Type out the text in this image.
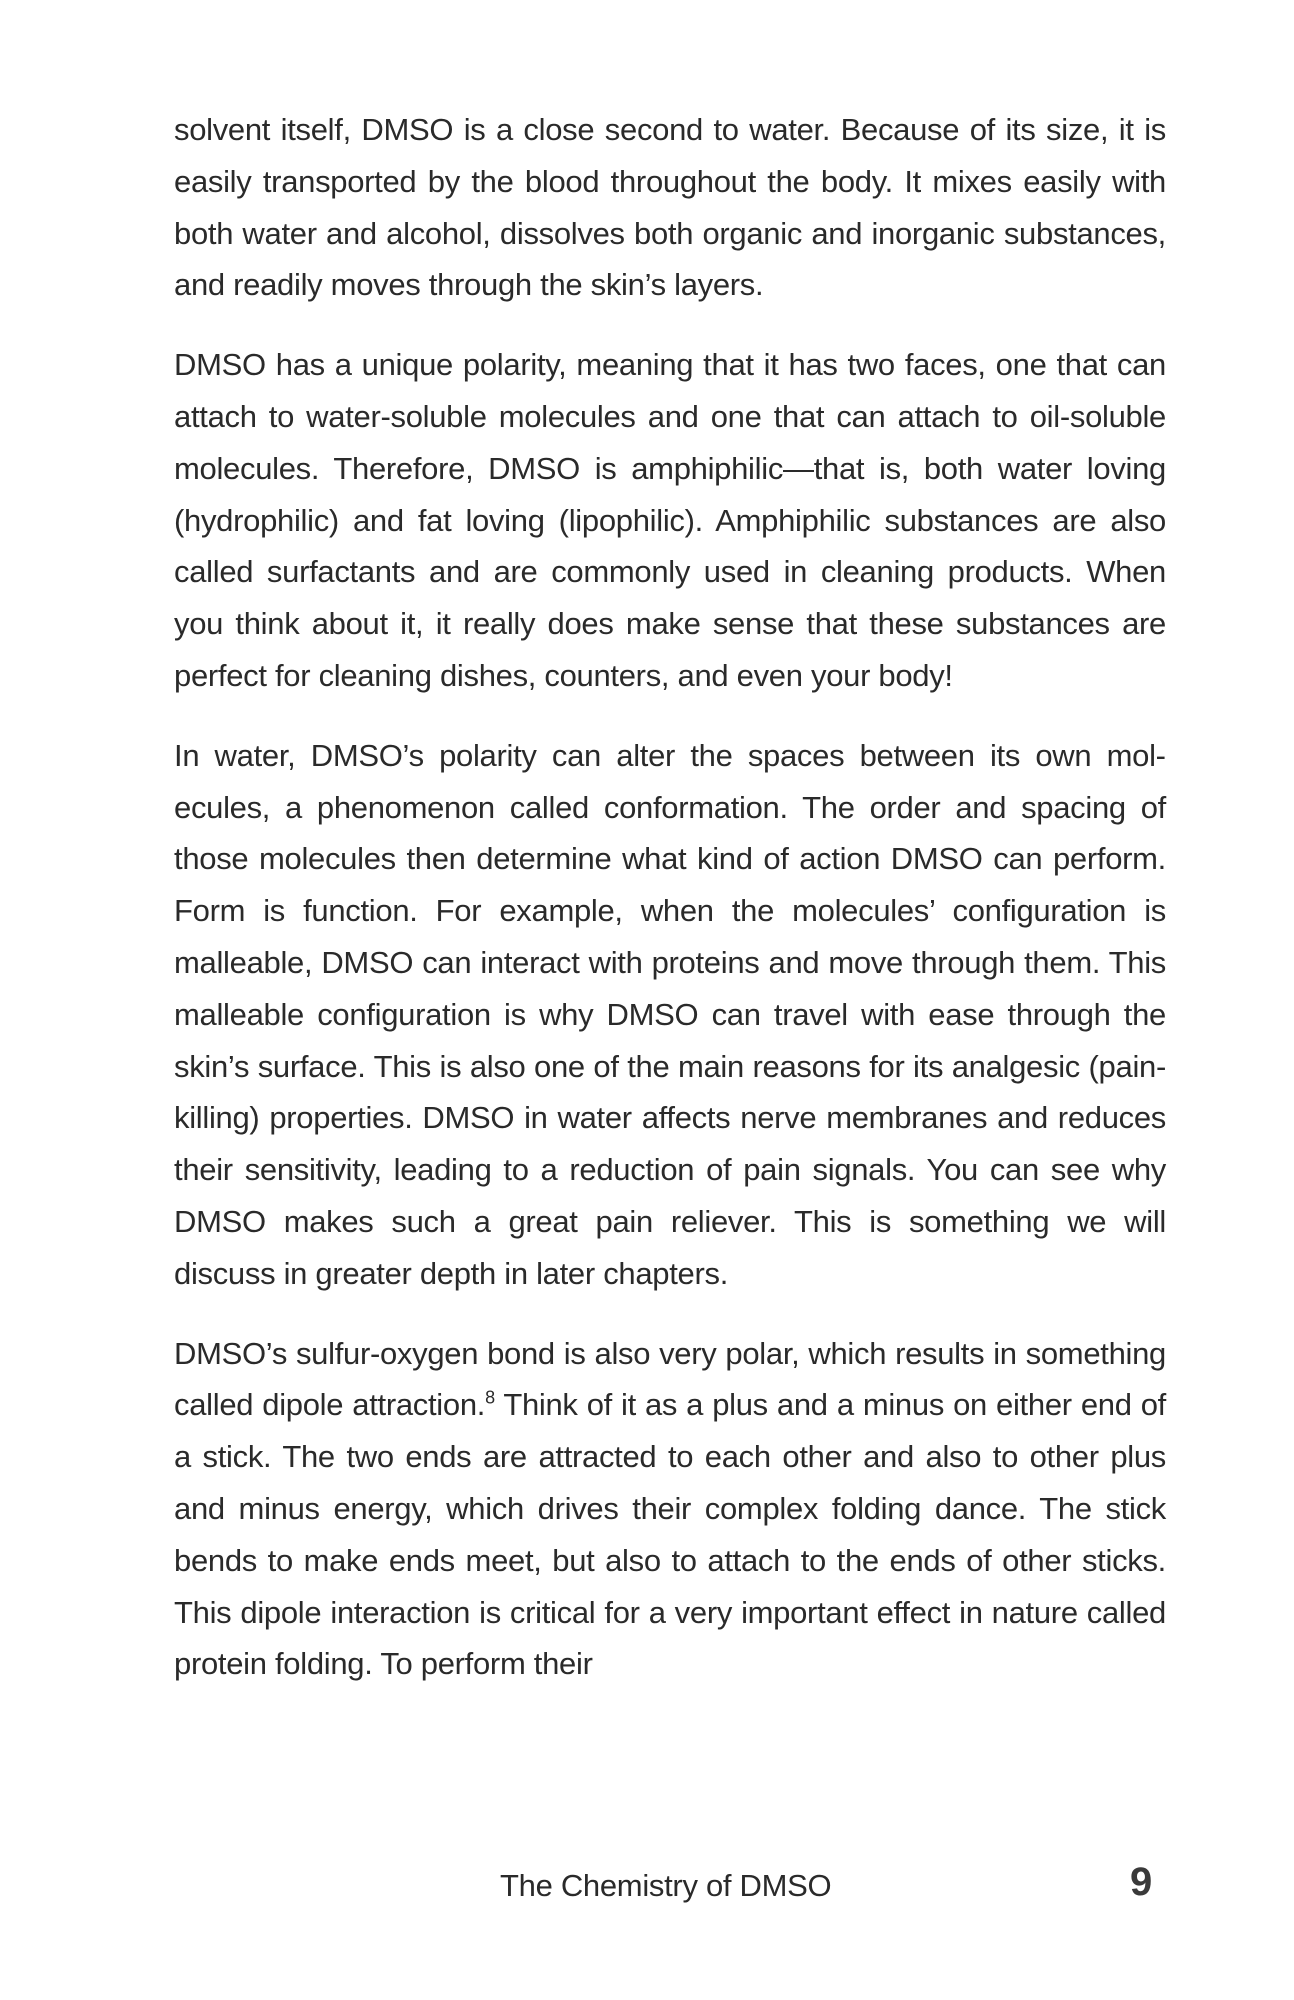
solvent itself, DMSO is a close second to water. Because of its size, it is easily transported by the blood throughout the body. It mixes easily with both water and alcohol, dissolves both organic and inorganic substances, and readily moves through the skin’s layers.

DMSO has a unique polarity, meaning that it has two faces, one that can attach to water-soluble molecules and one that can attach to oil-soluble molecules. Therefore, DMSO is amphiphilic—that is, both water loving (hydrophilic) and fat loving (lipophilic). Amphiphilic substances are also called surfactants and are commonly used in cleaning products. When you think about it, it really does make sense that these substances are perfect for cleaning dishes, counters, and even your body!

In water, DMSO’s polarity can alter the spaces between its own molecules, a phenomenon called conformation. The order and spacing of those molecules then determine what kind of action DMSO can perform. Form is function. For example, when the molecules’ configuration is malleable, DMSO can interact with proteins and move through them. This malleable configuration is why DMSO can travel with ease through the skin’s surface. This is also one of the main reasons for its analgesic (pain-killing) properties. DMSO in water affects nerve membranes and reduces their sensitivity, leading to a reduction of pain signals. You can see why DMSO makes such a great pain reliever. This is something we will discuss in greater depth in later chapters.

DMSO’s sulfur-oxygen bond is also very polar, which results in something called dipole attraction.$^8$ Think of it as a plus and a minus on either end of a stick. The two ends are attracted to each other and also to other plus and minus energy, which drives their complex folding dance. The stick bends to make ends meet, but also to attach to the ends of other sticks. This dipole interaction is critical for a very important effect in nature called protein folding. To perform their

The Chemistry of DMSO	9
